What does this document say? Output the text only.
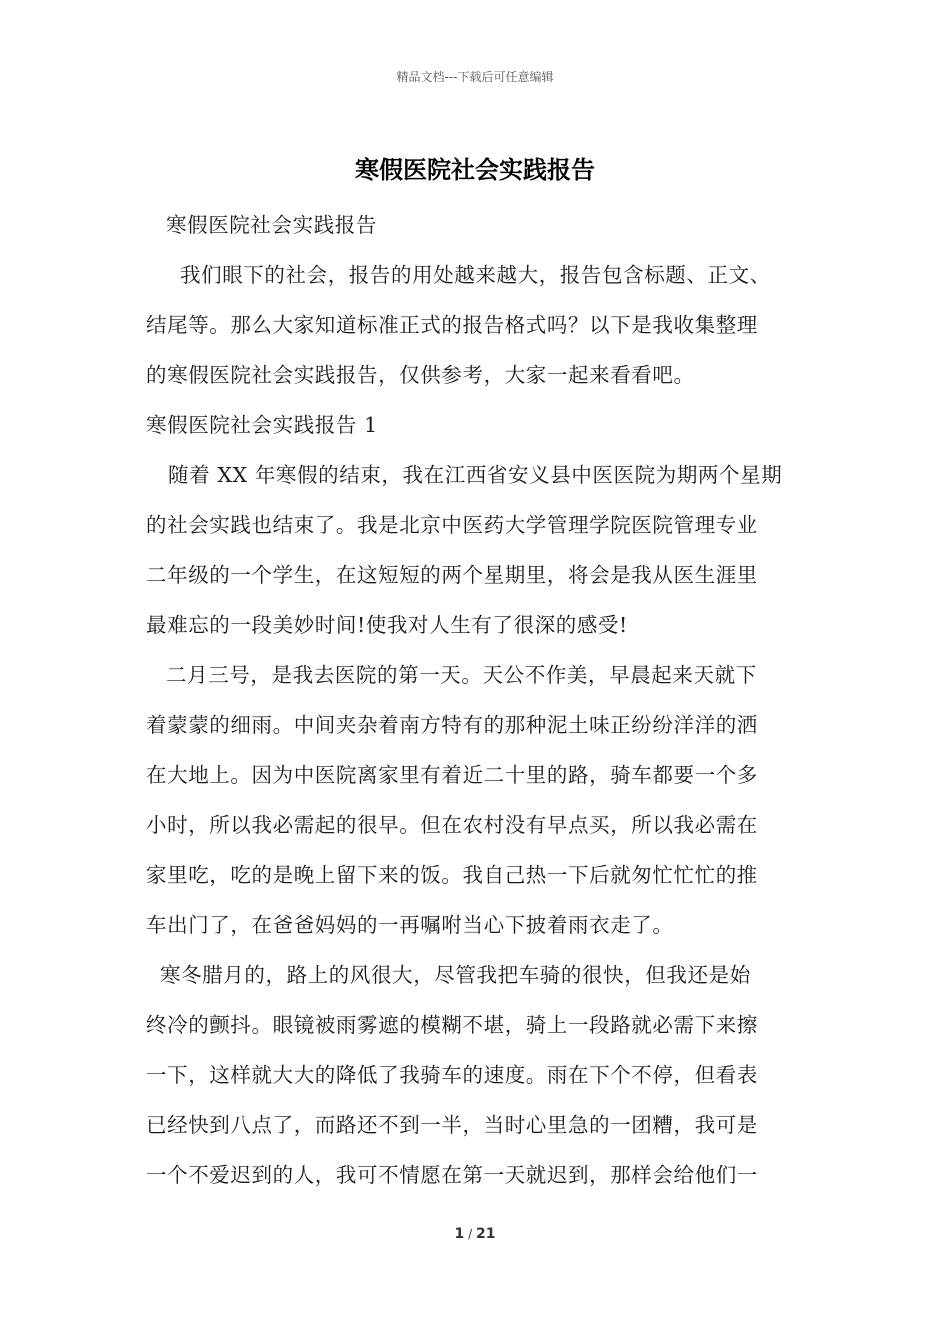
精品文档---下载后可任意编辑
寒假医院社会实践报告
寒假医院社会实践报告
我们眼下的社会，报告的用处越来越大，报告包含标题、正文、
结尾等。那么大家知道标准正式的报告格式吗？以下是我收集整理
的寒假医院社会实践报告，仅供参考，大家一起来看看吧。
寒假医院社会实践报告 1
随着 XX 年寒假的结束，我在江西省安义县中医医院为期两个星期
的社会实践也结束了。我是北京中医药大学管理学院医院管理专业
二年级的一个学生，在这短短的两个星期里，将会是我从医生涯里
最难忘的一段美妙时间!使我对人生有了很深的感受!
二月三号，是我去医院的第一天。天公不作美，早晨起来天就下
着蒙蒙的细雨。中间夹杂着南方特有的那种泥土味正纷纷洋洋的洒
在大地上。因为中医院离家里有着近二十里的路，骑车都要一个多
小时，所以我必需起的很早。但在农村没有早点买，所以我必需在
家里吃，吃的是晚上留下来的饭。我自己热一下后就匆忙忙忙的推
车出门了，在爸爸妈妈的一再嘱咐当心下披着雨衣走了。
寒冬腊月的，路上的风很大，尽管我把车骑的很快，但我还是始
终冷的颤抖。眼镜被雨雾遮的模糊不堪，骑上一段路就必需下来擦
一下，这样就大大的降低了我骑车的速度。雨在下个不停，但看表
已经快到八点了，而路还不到一半，当时心里急的一团糟，我可是
一个不爱迟到的人，我可不情愿在第一天就迟到，那样会给他们一
1 / 21
